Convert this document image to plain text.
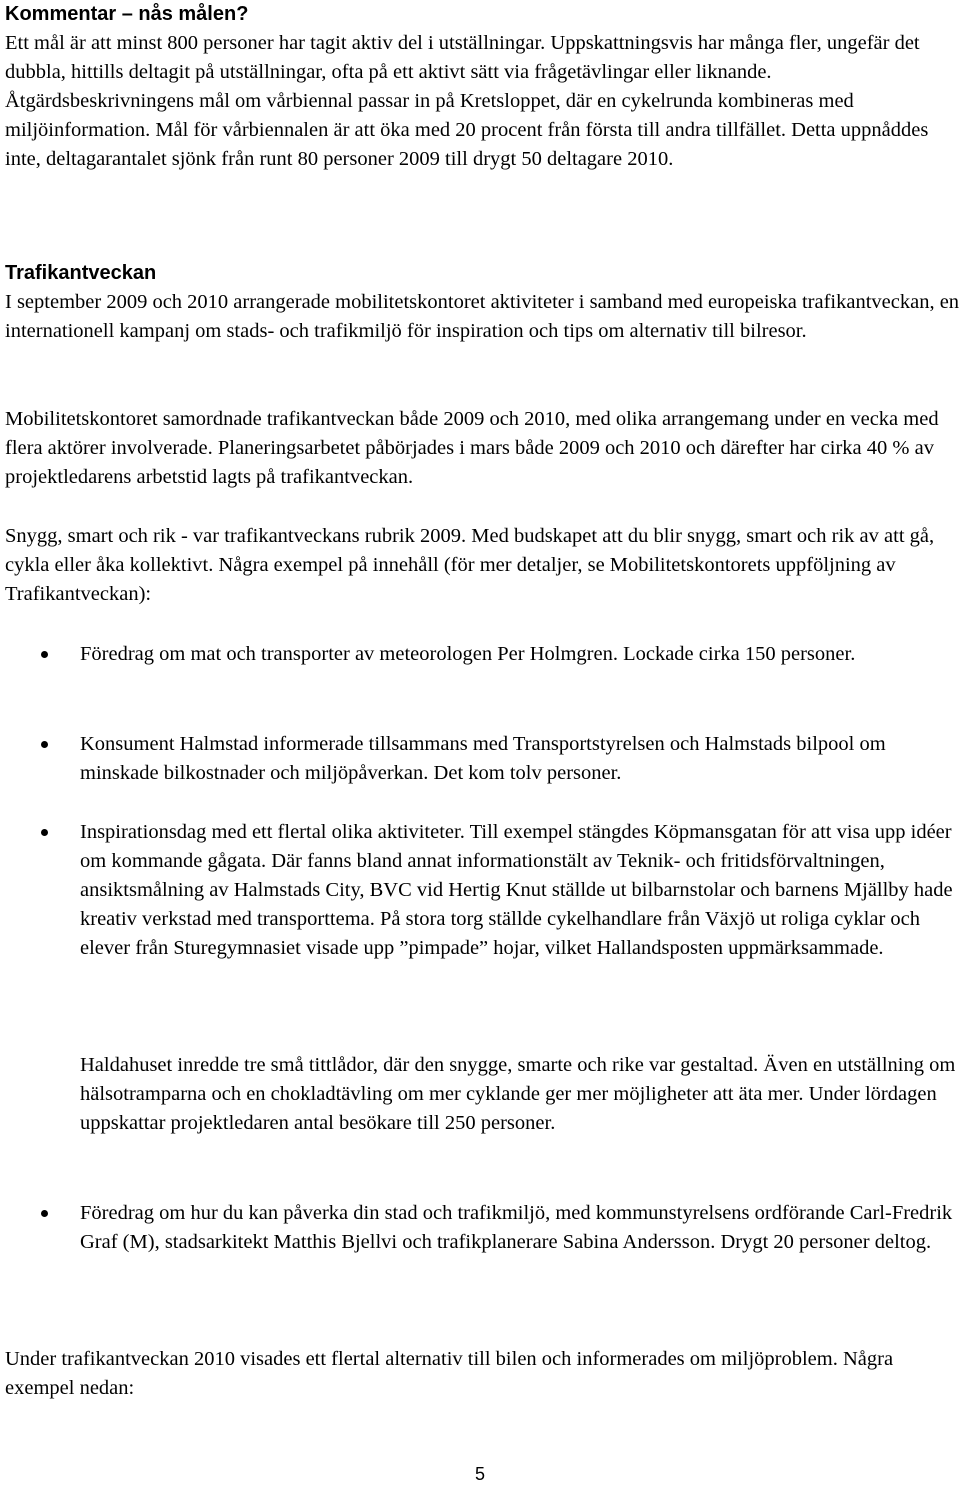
Kommentar – nås målen?

Ett mål är att minst 800 personer har tagit aktiv del i utställningar. Uppskattningsvis har många fler, ungefär det dubbla, hittills deltagit på utställningar, ofta på ett aktivt sätt via frågetävlingar eller liknande. Åtgärdsbeskrivningens mål om vårbiennal passar in på Kretsloppet, där en cykelrunda kombineras med miljöinformation. Mål för vårbiennalen är att öka med 20 procent från första till andra tillfället. Detta uppnåddes inte, deltagarantalet sjönk från runt 80 personer 2009 till drygt 50 deltagare 2010.

Trafikantveckan

I september 2009 och 2010 arrangerade mobilitetskontoret aktiviteter i samband med europeiska trafikantveckan, en internationell kampanj om stads- och trafikmiljö för inspiration och tips om alternativ till bilresor.

Mobilitetskontoret samordnade trafikantveckan både 2009 och 2010, med olika arrangemang under en vecka med flera aktörer involverade. Planeringsarbetet påbörjades i mars både 2009 och 2010 och därefter har cirka 40 % av projektledarens arbetstid lagts på trafikantveckan.

Snygg, smart och rik - var trafikantveckans rubrik 2009. Med budskapet att du blir snygg, smart och rik av att gå, cykla eller åka kollektivt. Några exempel på innehåll (för mer detaljer, se Mobilitetskontorets uppföljning av Trafikantveckan):

Föredrag om mat och transporter av meteorologen Per Holmgren. Lockade cirka 150 personer.

Konsument Halmstad informerade tillsammans med Transportstyrelsen och Halmstads bilpool om minskade bilkostnader och miljöpåverkan. Det kom tolv personer.

Inspirationsdag med ett flertal olika aktiviteter. Till exempel stängdes Köpmansgatan för att visa upp idéer om kommande gågata. Där fanns bland annat informationstält av Teknik- och fritidsförvaltningen, ansiktsmålning av Halmstads City, BVC vid Hertig Knut ställde ut bilbarnstolar och barnens Mjällby hade kreativ verkstad med transporttema. På stora torg ställde cykelhandlare från Växjö ut roliga cyklar och elever från Sturegymnasiet visade upp ”pimpade” hojar, vilket Hallandsposten uppmärksammade.

Haldahuset inredde tre små tittlådor, där den snygge, smarte och rike var gestaltad. Även en utställning om hälsotramparna och en chokladtävling om mer cyklande ger mer möjligheter att äta mer. Under lördagen uppskattar projektledaren antal besökare till 250 personer.

Föredrag om hur du kan påverka din stad och trafikmiljö, med kommunstyrelsens ordförande Carl-Fredrik Graf (M), stadsarkitekt Matthis Bjellvi och trafikplanerare Sabina Andersson. Drygt 20 personer deltog.

Under trafikantveckan 2010 visades ett flertal alternativ till bilen och informerades om miljöproblem. Några exempel nedan:

5
